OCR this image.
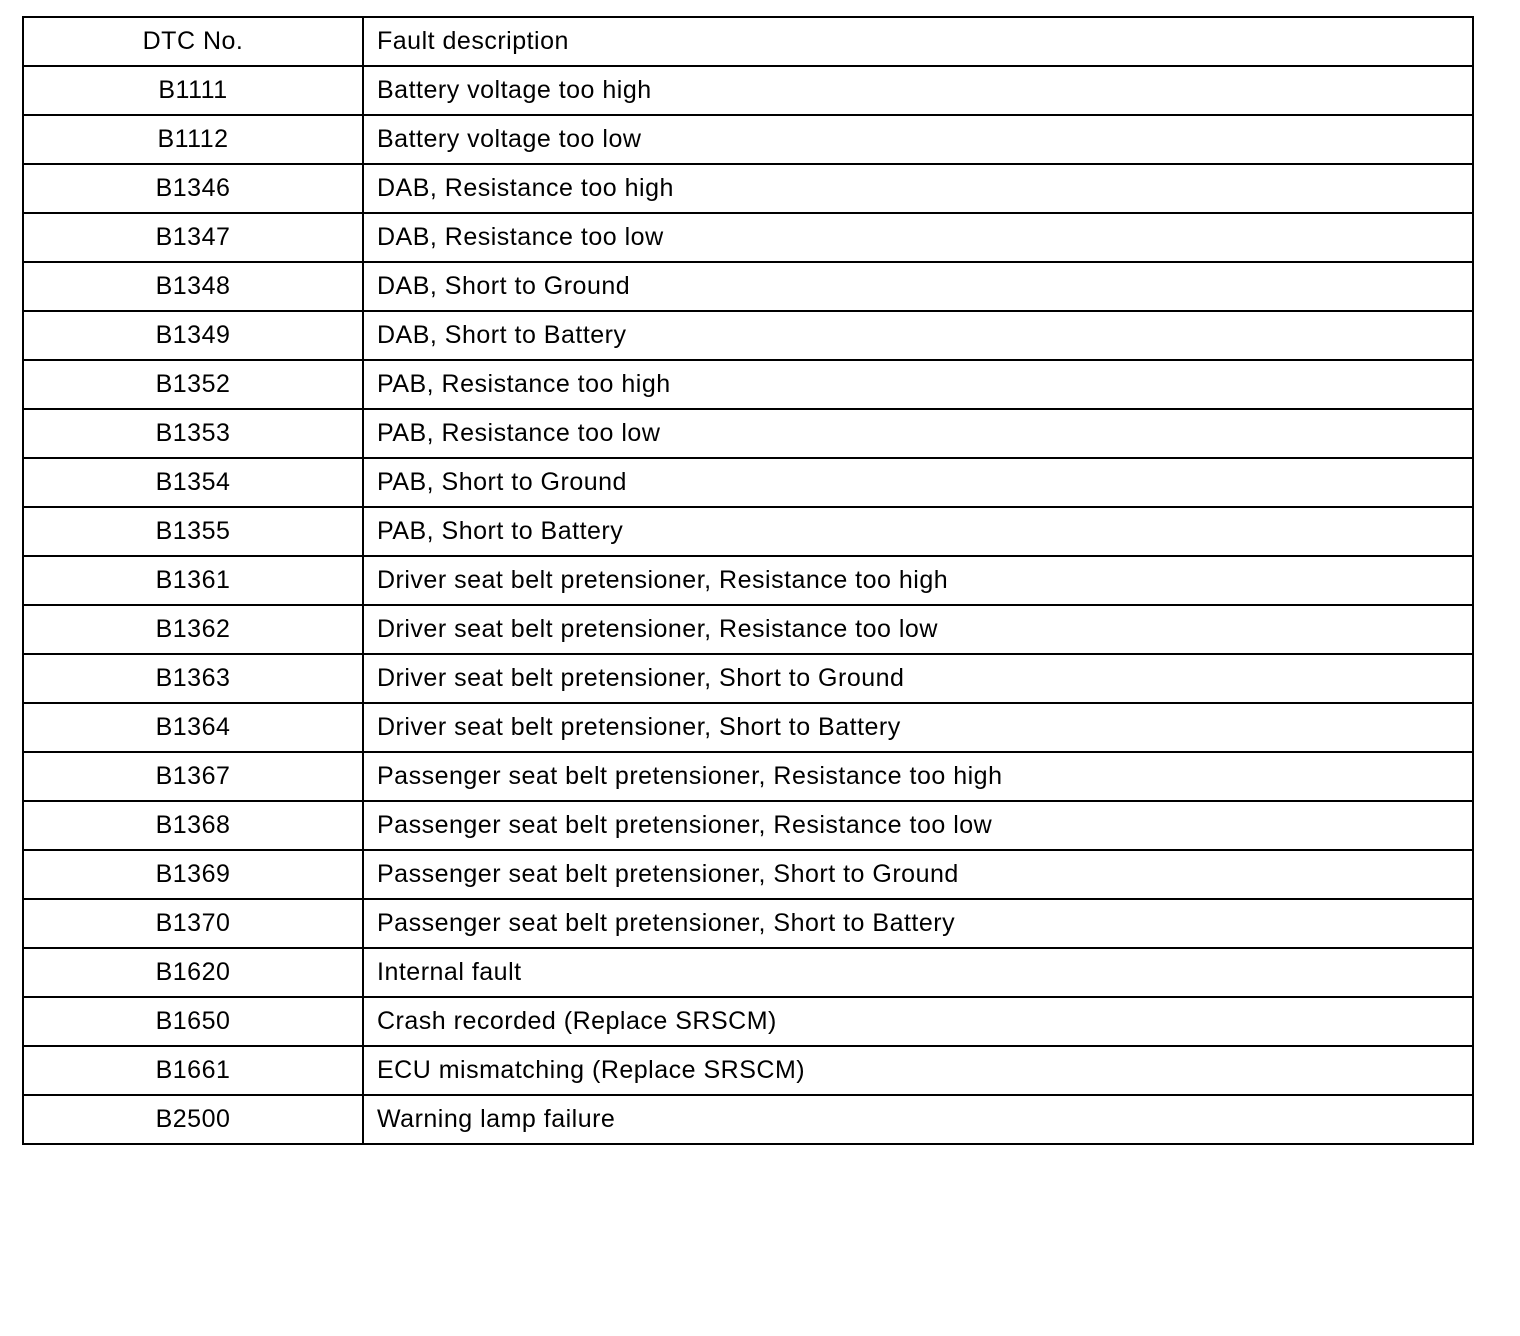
DTC No.	Fault description
B1111	Battery voltage too high
B1112	Battery voltage too low
B1346	DAB, Resistance too high
B1347	DAB, Resistance too low
B1348	DAB, Short to Ground
B1349	DAB, Short to Battery
B1352	PAB, Resistance too high
B1353	PAB, Resistance too low
B1354	PAB, Short to Ground
B1355	PAB, Short to Battery
B1361	Driver seat belt pretensioner, Resistance too high
B1362	Driver seat belt pretensioner, Resistance too low
B1363	Driver seat belt pretensioner, Short to Ground
B1364	Driver seat belt pretensioner, Short to Battery
B1367	Passenger seat belt pretensioner, Resistance too high
B1368	Passenger seat belt pretensioner, Resistance too low
B1369	Passenger seat belt pretensioner, Short to Ground
B1370	Passenger seat belt pretensioner, Short to Battery
B1620	Internal fault
B1650	Crash recorded (Replace SRSCM)
B1661	ECU mismatching (Replace SRSCM)
B2500	Warning lamp failure
